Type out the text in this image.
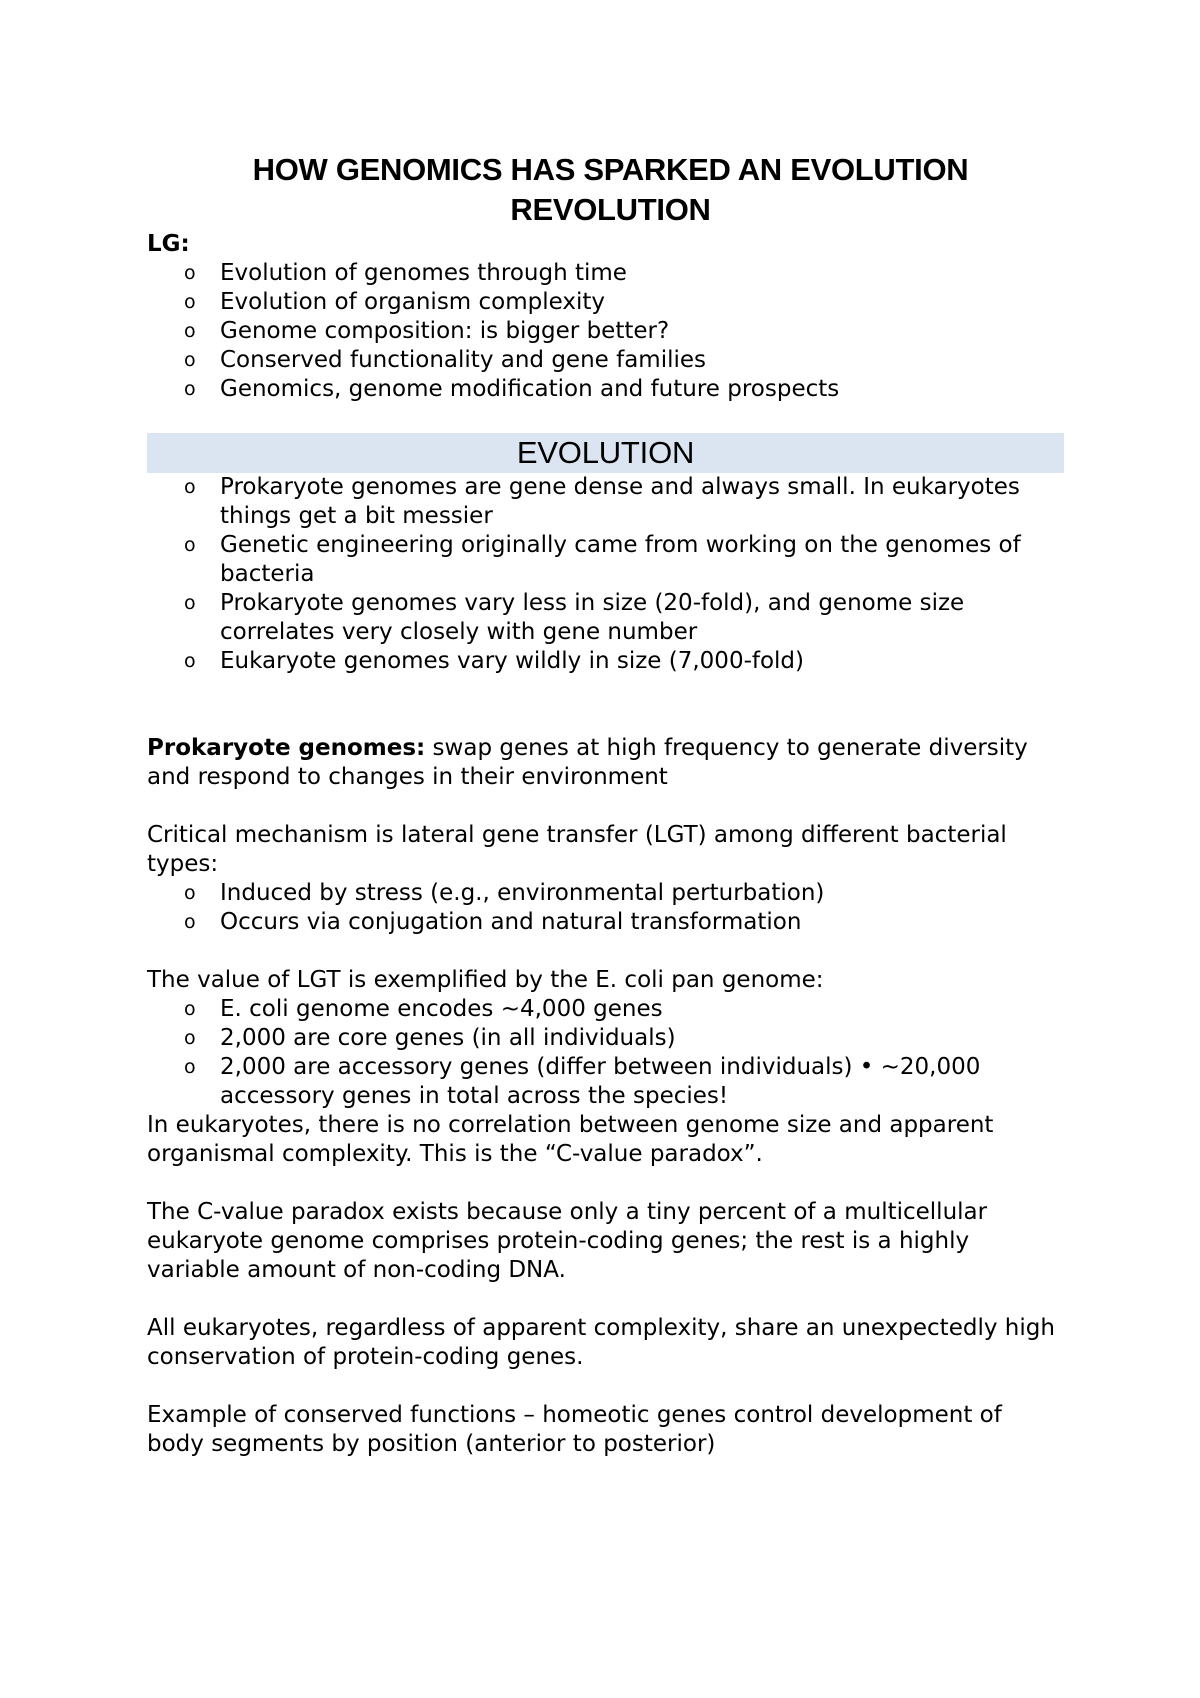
HOW GENOMICS HAS SPARKED AN EVOLUTION REVOLUTION

LG:

o Evolution of genomes through time
o Evolution of organism complexity
o Genome composition: is bigger better?
o Conserved functionality and gene families
o Genomics, genome modification and future prospects
EVOLUTION
o Prokaryote genomes are gene dense and always small. In eukaryotes things get a bit messier
o Genetic engineering originally came from working on the genomes of bacteria
o Prokaryote genomes vary less in size (20-fold), and genome size correlates very closely with gene number
o Eukaryote genomes vary wildly in size (7,000-fold)

Prokaryote genomes: swap genes at high frequency to generate diversity and respond to changes in their environment

Critical mechanism is lateral gene transfer (LGT) among different bacterial types:

o Induced by stress (e.g., environmental perturbation)
o Occurs via conjugation and natural transformation

The value of LGT is exemplified by the E. coli pan genome:

o E. coli genome encodes ~4,000 genes
o 2,000 are core genes (in all individuals)
o 2,000 are accessory genes (differ between individuals) • ~20,000 accessory genes in total across the species!

In eukaryotes, there is no correlation between genome size and apparent organismal complexity. This is the “C-value paradox”.

The C-value paradox exists because only a tiny percent of a multicellular eukaryote genome comprises protein-coding genes; the rest is a highly variable amount of non-coding DNA.

All eukaryotes, regardless of apparent complexity, share an unexpectedly high conservation of protein-coding genes.

Example of conserved functions – homeotic genes control development of body segments by position (anterior to posterior)
